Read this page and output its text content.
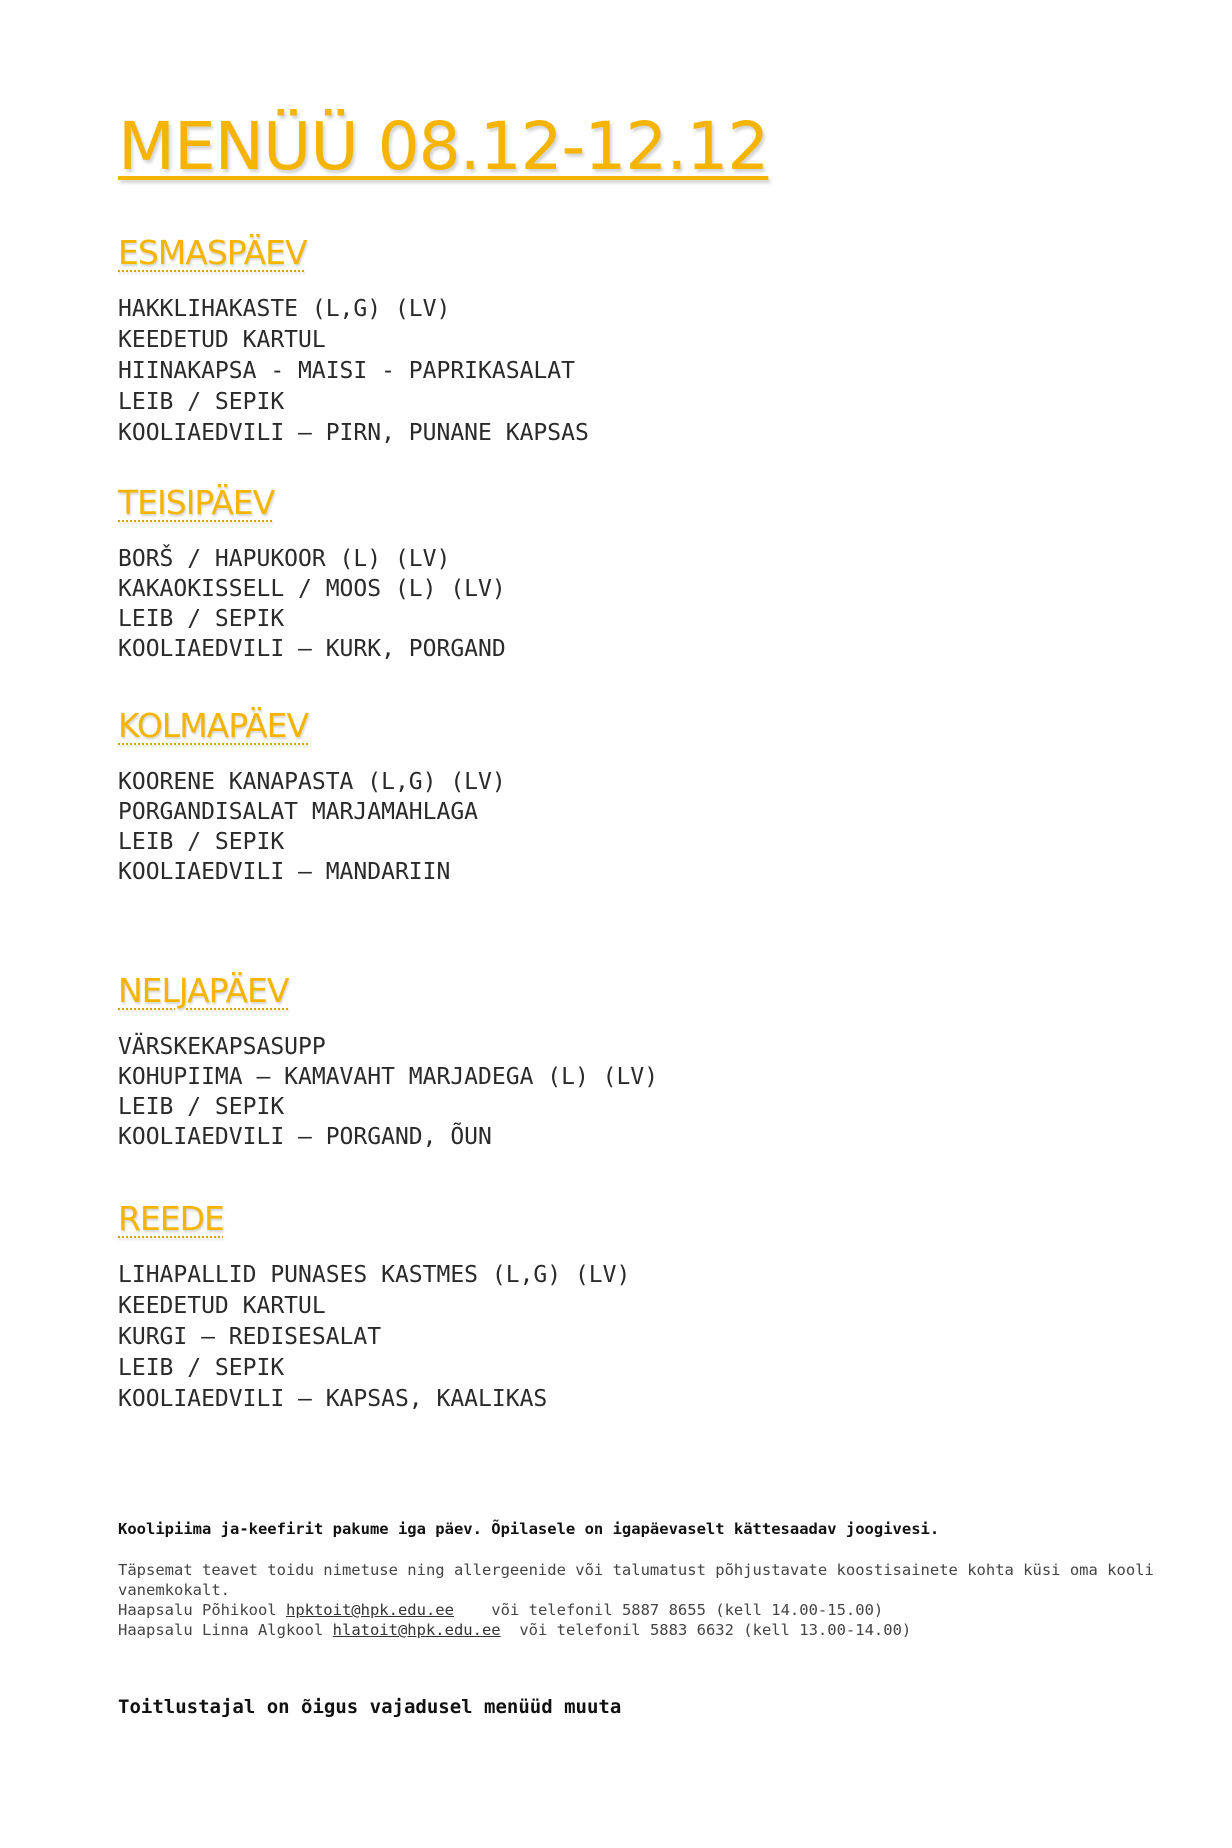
MENÜÜ 08.12-12.12
ESMASPÄEV
HAKKLIHAKASTE (L,G) (LV)
KEEDETUD KARTUL
HIINAKAPSA - MAISI - PAPRIKASALAT
LEIB / SEPIK
KOOLIAEDVILI – PIRN, PUNANE KAPSAS
TEISIPÄEV
BORŠ / HAPUKOOR (L) (LV)
KAKAOKISSELL / MOOS (L) (LV)
LEIB / SEPIK
KOOLIAEDVILI – KURK, PORGAND
KOLMAPÄEV
KOORENE KANAPASTA (L,G) (LV)
PORGANDISALAT MARJAMAHLAGA
LEIB / SEPIK
KOOLIAEDVILI – MANDARIIN
NELJAPÄEV
VÄRSKEKAPSASUPP
KOHUPIIMA – KAMAVAHT MARJADEGA (L) (LV)
LEIB / SEPIK
KOOLIAEDVILI – PORGAND, ÕUN
REEDE
LIHAPALLID PUNASES KASTMES (L,G) (LV)
KEEDETUD KARTUL
KURGI – REDISESALAT
LEIB / SEPIK
KOOLIAEDVILI – KAPSAS, KAALIKAS

Koolipiima ja-keefirit pakume iga päev. Õpilasele on igapäevaselt kättesaadav joogivesi.

Täpsemat teavet toidu nimetuse ning allergeenide või talumatust põhjustavate koostisainete kohta küsi oma kooli vanemkokalt.

Haapsalu Põhikool hpktoit@hpk.edu.ee või telefonil 5887 8655 (kell 14.00-15.00)

Haapsalu Linna Algkool hlatoit@hpk.edu.ee või telefonil 5883 6632 (kell 13.00-14.00)

Toitlustajal on õigus vajadusel menüüd muuta
